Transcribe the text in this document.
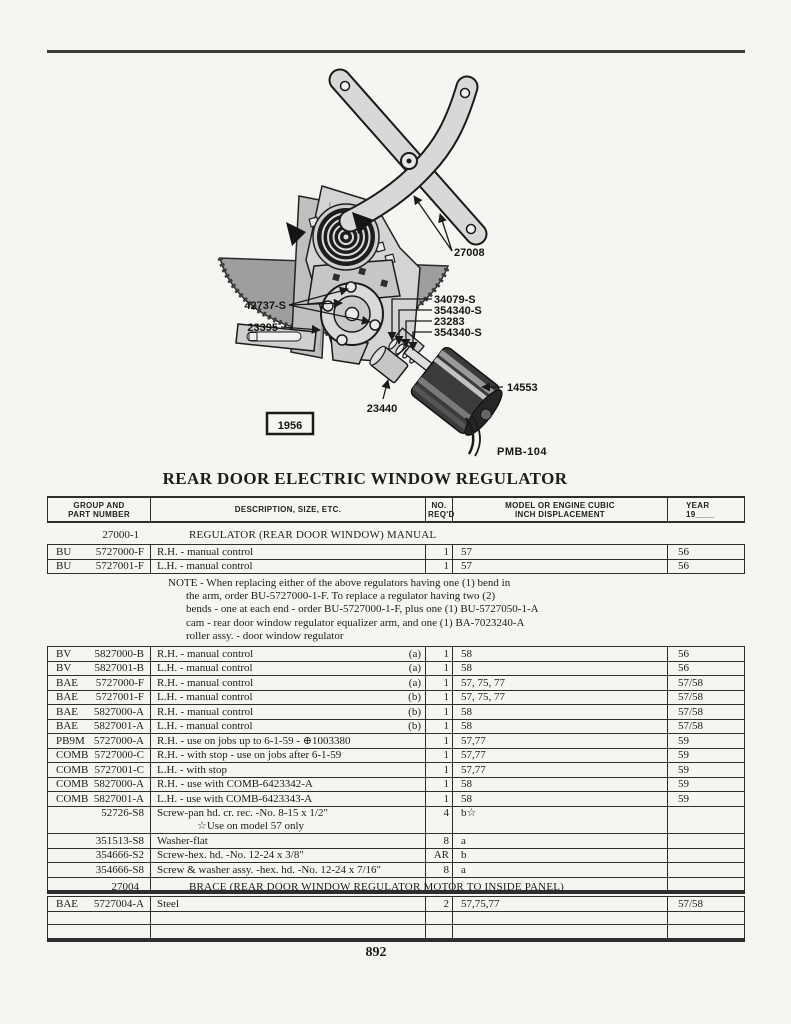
27008
42737-S
23395
34079-S
354340-S
23283
354340-S
23440
14553
1956
PMB-104
REAR DOOR ELECTRIC WINDOW REGULATOR
GROUP AND
PART NUMBER
DESCRIPTION, SIZE, ETC.	NO.
REQ'D
MODEL OR ENGINE CUBIC
INCH DISPLACEMENT
YEAR
19____
27000-1	REGULATOR (REAR DOOR WINDOW) MANUAL
BU 5727000-F R.H. - manual control	1	57	56
BU 5727001-F L.H. - manual control	1	57	56
NOTE - When replacing either of the above regulators having one (1) bend in
the arm, order BU-5727000-1-F. To replace a regulator having two (2)
bends - one at each end - order BU-5727000-1-F, plus one (1) BU-5727050-1-A
cam - rear door window regulator equalizer arm, and one (1) BA-7023240-A
roller assy. - door window regulator
BV 5827000-B R.H. - manual control	(a)	1	58	56
BV 5827001-B L.H. - manual control	(a)	1	58	56
BAE 5727000-F R.H. - manual control	(a)	1	57, 75, 77	57/58
BAE 5727001-F L.H. - manual control	(b)	1	57, 75, 77	57/58
BAE 5827000-A R.H. - manual control	(b)	1	58	57/58
BAE 5827001-A L.H. - manual control	(b)	1	58	57/58
PB9M 5727000-A R.H. - use on jobs up to 6-1-59 - ⊕1003380	1	57,77	59
COMB 5727000-C R.H. - with stop - use on jobs after 6-1-59	1	57,77	59
COMB 5727001-C L.H. - with stop	1	57,77	59
COMB 5827000-A R.H. - use with COMB-6423342-A	1	58	59
COMB 5827001-A L.H. - use with COMB-6423343-A	1	58	59
52726-S8 Screw-pan hd. cr. rec. -No. 8-15 x 1/2"
☆Use on model 57 only
4	b☆
351513-S8 Washer-flat	8	a
354666-S2 Screw-hex. hd. -No. 12-24 x 3/8"	AR	b
354666-S8 Screw & washer assy. -hex. hd. -No. 12-24 x 7/16"	8	a
27004	BRACE (REAR DOOR WINDOW REGULATOR MOTOR TO INSIDE PANEL)
BAE 5727004-A Steel	2	57,75,77	57/58
892
